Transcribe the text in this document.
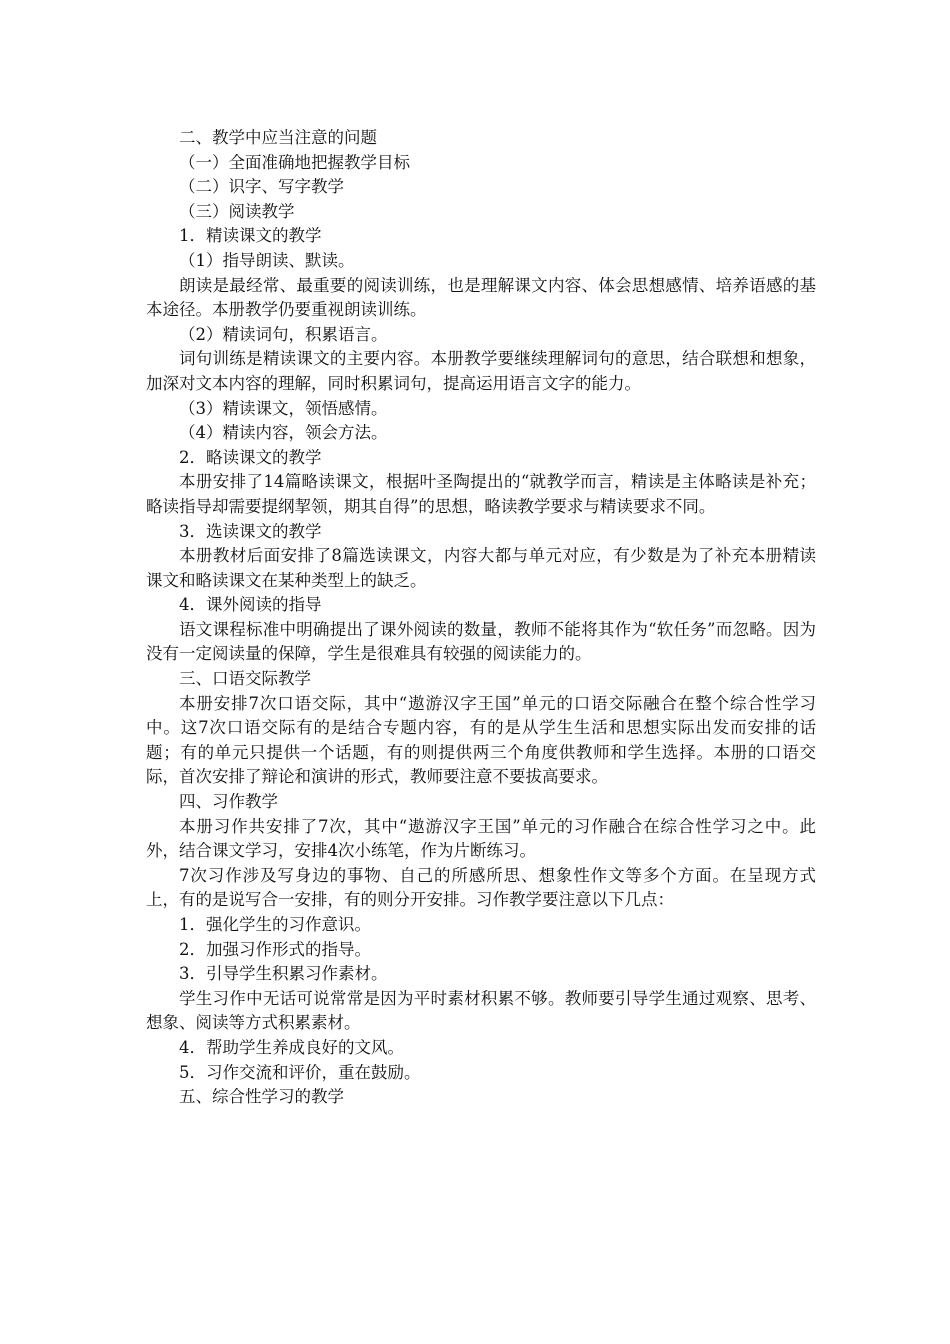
二、教学中应当注意的问题

（一）全面准确地把握教学目标

（二）识字、写字教学

（三）阅读教学

1．精读课文的教学

（1）指导朗读、默读。

朗读是最经常、最重要的阅读训练，也是理解课文内容、体会思想感情、培养语感的基本途径。本册教学仍要重视朗读训练。

（2）精读词句，积累语言。

词句训练是精读课文的主要内容。本册教学要继续理解词句的意思，结合联想和想象，加深对文本内容的理解，同时积累词句，提高运用语言文字的能力。

（3）精读课文，领悟感情。

（4）精读内容，领会方法。

2．略读课文的教学

本册安排了14篇略读课文，根据叶圣陶提出的“就教学而言，精读是主体略读是补充；略读指导却需要提纲挈领，期其自得”的思想，略读教学要求与精读要求不同。

3．选读课文的教学

本册教材后面安排了8篇选读课文，内容大都与单元对应，有少数是为了补充本册精读课文和略读课文在某种类型上的缺乏。

4．课外阅读的指导

语文课程标准中明确提出了课外阅读的数量，教师不能将其作为“软任务”而忽略。因为没有一定阅读量的保障，学生是很难具有较强的阅读能力的。

三、口语交际教学

本册安排7次口语交际，其中“遨游汉字王国”单元的口语交际融合在整个综合性学习中。这7次口语交际有的是结合专题内容，有的是从学生生活和思想实际出发而安排的话题；有的单元只提供一个话题，有的则提供两三个角度供教师和学生选择。本册的口语交际，首次安排了辩论和演讲的形式，教师要注意不要拔高要求。

四、习作教学

本册习作共安排了7次，其中“遨游汉字王国”单元的习作融合在综合性学习之中。此外，结合课文学习，安排4次小练笔，作为片断练习。

7次习作涉及写身边的事物、自己的所感所思、想象性作文等多个方面。在呈现方式上，有的是说写合一安排，有的则分开安排。习作教学要注意以下几点：

1．强化学生的习作意识。

2．加强习作形式的指导。

3．引导学生积累习作素材。

学生习作中无话可说常常是因为平时素材积累不够。教师要引导学生通过观察、思考、想象、阅读等方式积累素材。

4．帮助学生养成良好的文风。

5．习作交流和评价，重在鼓励。

五、综合性学习的教学
